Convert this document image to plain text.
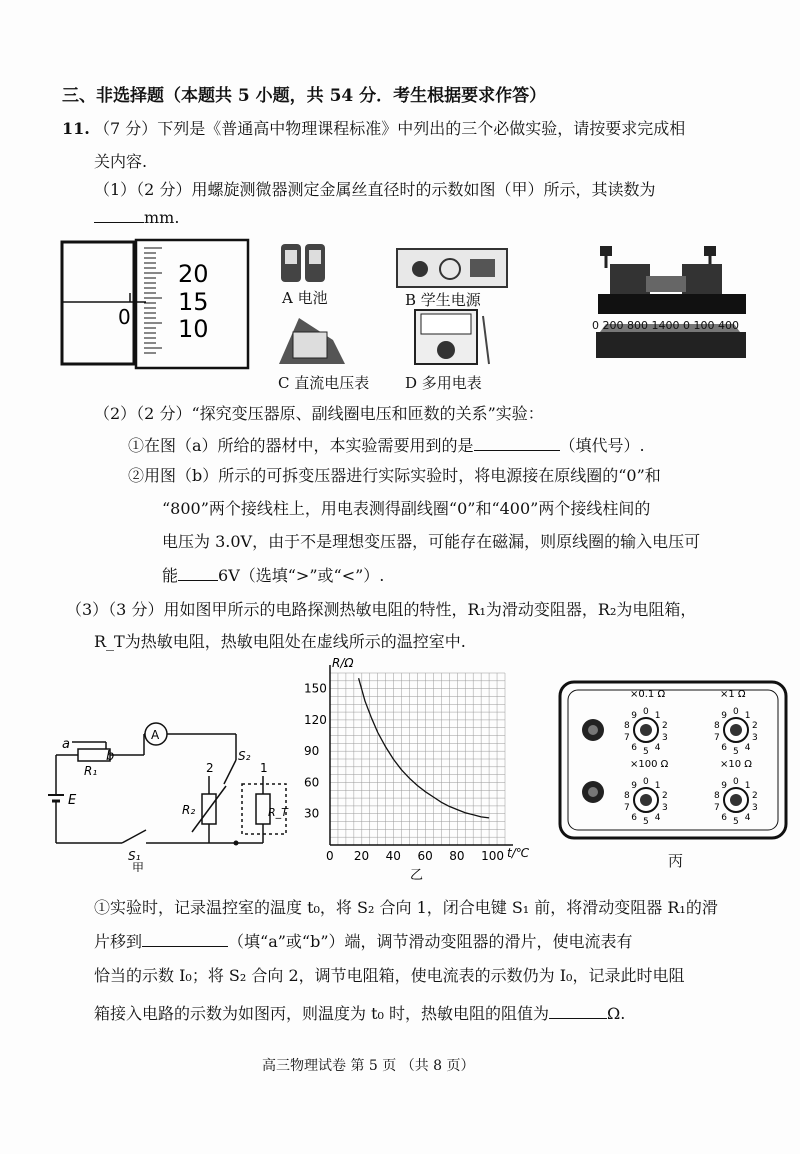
三、非选择题（本题共 5 小题，共 54 分．考生根据要求作答）
11. （7 分）下列是《普通高中物理课程标准》中列出的三个必做实验，请按要求完成相
关内容.
（1）（2 分）用螺旋测微器测定金属丝直径时的示数如图（甲）所示，其读数为
mm.
20
15
10
0
A 电池	B 学生电源
C 直流电压表 D 多用电表
0 200 800 1400 0 100 400
（2）（2 分）“探究变压器原、副线圈电压和匝数的关系”实验：
①在图（a）所给的器材中，本实验需要用到的是	（填代号）.
②用图（b）所示的可拆变压器进行实际实验时，将电源接在原线圈的“0”和
“800”两个接线柱上，用电表测得副线圈“0”和“400”两个接线柱间的
电压为 3.0V，由于不是理想变压器，可能存在磁漏，则原线圈的输入电压可
能	6V（选填“>”或“<”）.
（3）（3 分）用如图甲所示的电路探测热敏电阻的特性，R₁为滑动变阻器，R₂为电阻箱，
R_T为热敏电阻，热敏电阻处在虚线所示的温控室中.
a
b
R₁
E
A
S₂
2	1
R₂	R_T
S₁
甲
0 20 40 60 80 100
30
60
90
120
150
R/Ω
t/℃
乙
×0.1 Ω
0 1
2
3
4
5
6
7
8
9
×1 Ω
0 1
2
3
4
5
6
7
8
9
×100 Ω
0 1
2
3
4
5
6
7
8
9
×10 Ω
0 1
2
3
4
5
6
7
8
9
丙
①实验时，记录温控室的温度 t₀，将 S₂ 合向 1，闭合电键 S₁ 前，将滑动变阻器 R₁的滑
片移到	（填“a”或“b”）端，调节滑动变阻器的滑片，使电流表有
恰当的示数 I₀；将 S₂ 合向 2，调节电阻箱，使电流表的示数仍为 I₀，记录此时电阻
箱接入电路的示数为如图丙，则温度为 t₀ 时，热敏电阻的阻值为	Ω.
高三物理试卷 第 5 页 （共 8 页）
